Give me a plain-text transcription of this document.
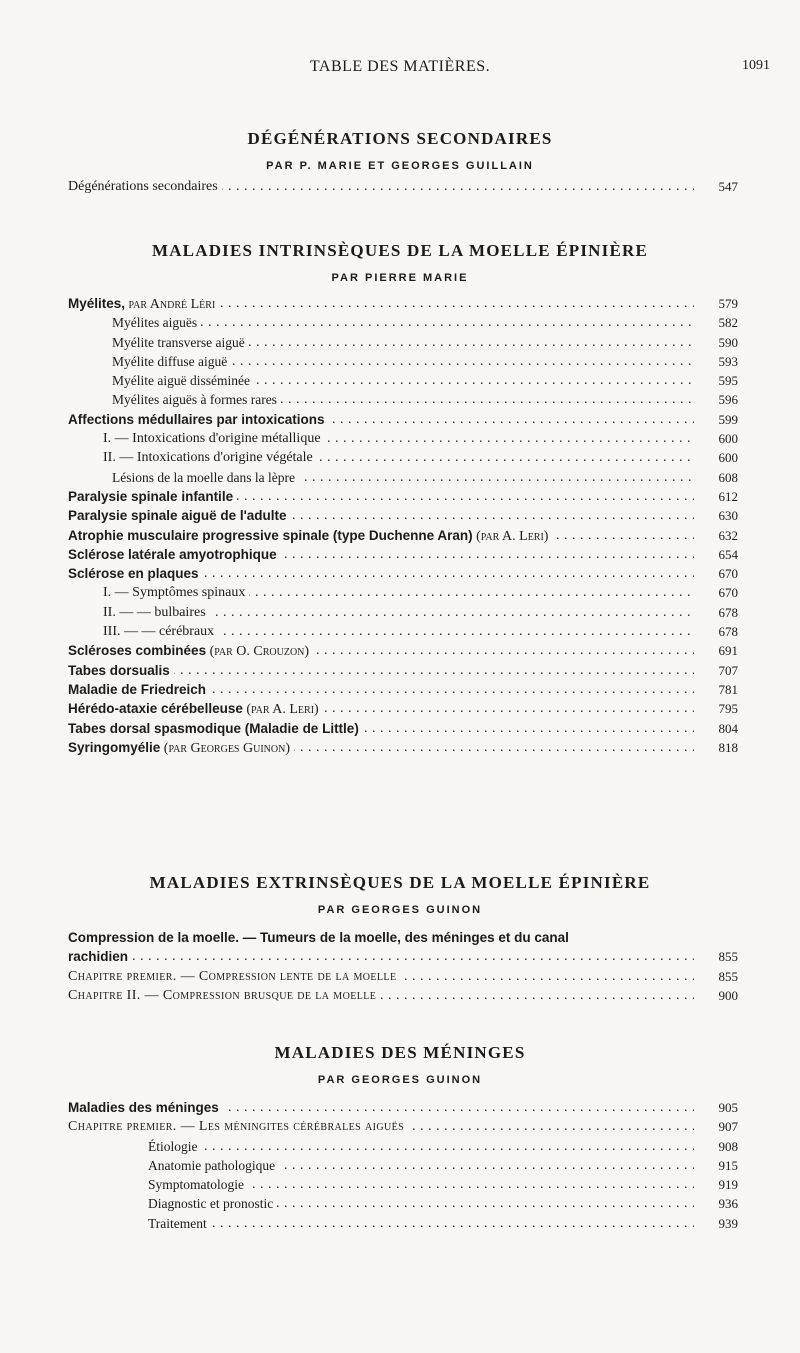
TABLE DES MATIÈRES.	1091
DÉGÉNÉRATIONS SECONDAIRES

PAR P. MARIE ET GEORGES GUILLAIN

. . .
Dégénérations secondaires	547
MALADIES INTRINSÈQUES DE LA MOELLE ÉPINIÈRE

PAR PIERRE MARIE

. . .
Myélites, par André Léri	579
. . .
Myélites aiguës	582
. . .
Myélite transverse aiguë	590
. . .
Myélite diffuse aiguë	593
. . .
Myélite aiguë disséminée	595
. . .
Myélites aiguës à formes rares	596
. . .
Affections médullaires par intoxications	599
. . .
I. — Intoxications d'origine métallique	600
. . .
II. — Intoxications d'origine végétale	600
. . .
Lésions de la moelle dans la lèpre	608
. . .
Paralysie spinale infantile	612
. . .
Paralysie spinale aiguë de l'adulte	630
. . .
Atrophie musculaire progressive spinale (type Duchenne Aran) (par A. Leri)	632
. . .
Sclérose latérale amyotrophique	654
. . .
Sclérose en plaques	670
. . .
I. — Symptômes spinaux	670
. . .
II. — — bulbaires	678
. . .
III. — — cérébraux	678
. . .
Scléroses combinées (par O. Crouzon)	691
. . .
Tabes dorsualis	707
. . .
Maladie de Friedreich	781
. . .
Hérédo-ataxie cérébelleuse (par A. Leri)	795
. . .
Tabes dorsal spasmodique (Maladie de Little)	804
. . .
Syringomyélie (par Georges Guinon)	818
MALADIES EXTRINSÈQUES DE LA MOELLE ÉPINIÈRE

PAR GEORGES GUINON

Compression de la moelle. — Tumeurs de la moelle, des méninges et du canal
. . .
rachidien	855
. . .
Chapitre premier. — Compression lente de la moelle	855
. . .
Chapitre II. — Compression brusque de la moelle	900
MALADIES DES MÉNINGES

PAR GEORGES GUINON

. . .
Maladies des méninges	905
. . .
Chapitre premier. — Les méningites cérébrales aiguës	907
. . .
Étiologie	908
. . .
Anatomie pathologique	915
. . .
Symptomatologie	919
. . .
Diagnostic et pronostic	936
. . .
Traitement	939
